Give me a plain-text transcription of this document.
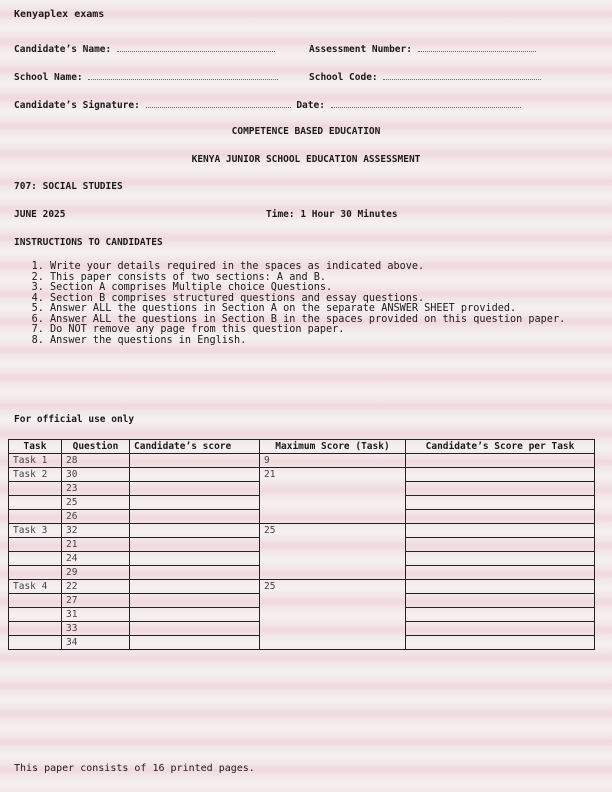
Kenyaplex exams
Candidate’s Name:	Assessment Number:
School Name:	School Code:
Candidate’s Signature:	Date:
COMPETENCE BASED EDUCATION
KENYA JUNIOR SCHOOL EDUCATION ASSESSMENT
707: SOCIAL STUDIES
JUNE 2025	Time: 1 Hour 30 Minutes
INSTRUCTIONS TO CANDIDATES
1. Write your details required in the spaces as indicated above.
2. This paper consists of two sections: A and B.
3. Section A comprises Multiple choice Questions.
4. Section B comprises structured questions and essay questions.
5. Answer ALL the questions in Section A on the separate ANSWER SHEET provided.
6. Answer ALL the questions in Section B in the spaces provided on this question paper.
7. Do NOT remove any page from this question paper.
8. Answer the questions in English.
For official use only
Task	Question	Candidate’s score	Maximum Score (Task)	Candidate’s Score per Task
Task 1	28		9	
Task 2	30		21	
	23			
	25			
	26			
Task 3	32		25	
	21			
	24			
	29			
Task 4	22		25	
	27			
	31			
	33			
	34			
This paper consists of 16 printed pages.
